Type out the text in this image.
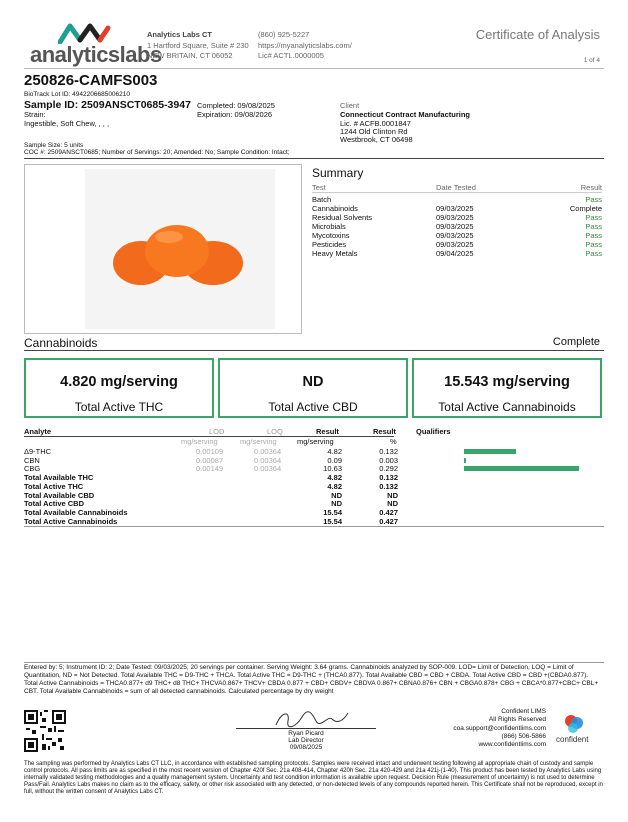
analyticslabs
Analytics Labs CT
1 Hartford Square, Suite # 230
NEW BRITAIN, CT 06052
(860) 925-5227
https://myanalyticslabs.com/
Lic# ACTL.0000005
Certificate of Analysis
1 of 4
250826-CAMFS003
BioTrack Lot ID: 4942206685006210
Sample ID: 2509ANSCT0685-3947 Completed: 09/08/2025
Expiration: 09/08/2026
Strain:
Ingestible, Soft Chew, , , ,
Sample Size: 5 units
COC #: 2509ANSCT0685; Number of Servings: 20; Amended: No; Sample Condition: Intact;
Client
Connecticut Contract Manufacturing
Lic. # ACFB.0001847
1244 Old Clinton Rd
Westbrook, CT 06498
Summary
Test	Date Tested	Result
Batch	Pass
Cannabinoids	09/03/2025	Complete
Residual Solvents	09/03/2025	Pass
Microbials	09/03/2025	Pass
Mycotoxins	09/03/2025	Pass
Pesticides	09/03/2025	Pass
Heavy Metals	09/04/2025	Pass
Cannabinoids	Complete
4.820 mg/serving
Total Active THC
ND
Total Active CBD
15.543 mg/serving
Total Active Cannabinoids
Analyte	LOD	LOQ	Result	Result	Qualifiers
mg/serving	mg/serving	mg/serving	%
Δ9-THC	0.00109	0.00364	4.82	0.132
CBN	0.00087	0.00364	0.09	0.003
CBG	0.00149	0.00364	10.63	0.292
Total Available THC	4.82	0.132
Total Active THC	4.82	0.132
Total Available CBD	ND	ND
Total Active CBD	ND	ND
Total Available Cannabinoids	15.54	0.427
Total Active Cannabinoids	15.54	0.427
Entered by: 5; Instrument ID: 2; Date Tested: 09/03/2025; 20 servings per container. Serving Weight: 3.64 grams. Cannabinoids analyzed by SOP-009. LOD= Limit of Detection, LOQ = Limit of Quantitation, ND = Not Detected. Total Available THC = D9-THC + THCA. Total Active THC = D9-THC + (THCA0.877). Total Available CBD = CBD + CBDA. Total Active CBD = CBD +(CBDA0.877). Total Active Cannabinoids = THCA0.877+ d9 THC+ d8 THC+ THCVA0.867+ THCV+ CBDA 0.877 + CBD+ CBDV+ CBDVA 0.867+ CBNA0.876+ CBN + CBGA0.878+ CBG + CBCA*0.877+CBC+ CBL+ CBT. Total Available Cannabinoids = sum of all detected cannabinoids. Calculated percentage by dry weight
Ryan Picard
Lab Director
09/08/2025
Confident LIMS
All Rights Reserved
coa.support@confidentlims.com
(866) 506-5866
www.confidentlims.com
confident
The sampling was performed by Analytics Labs CT LLC, in accordance with established sampling protocols. Samples were received intact and underwent testing following all appropriate chain of custody and sample control protocols. All pass limits are as specified in the most recent version of Chapter 420f Sec. 21a 408-414, Chapter 420h Sec. 21a 420-429 and 21a 421j-(1-40). This product has been tested by Analytics Labs using internally validated testing methodologies and a quality management system. Uncertainty and test condition information is available upon request. Decision Rule (measurement of uncertainty) is not used to determine Pass/Fail. Analytics Labs makes no claim as to the efficacy, safety, or other risk associated with any detected, or non-detected levels of any compounds reported herein. This Certificate shall not be reproduced, except in full, without the written consent of Analytics Labs CT.
